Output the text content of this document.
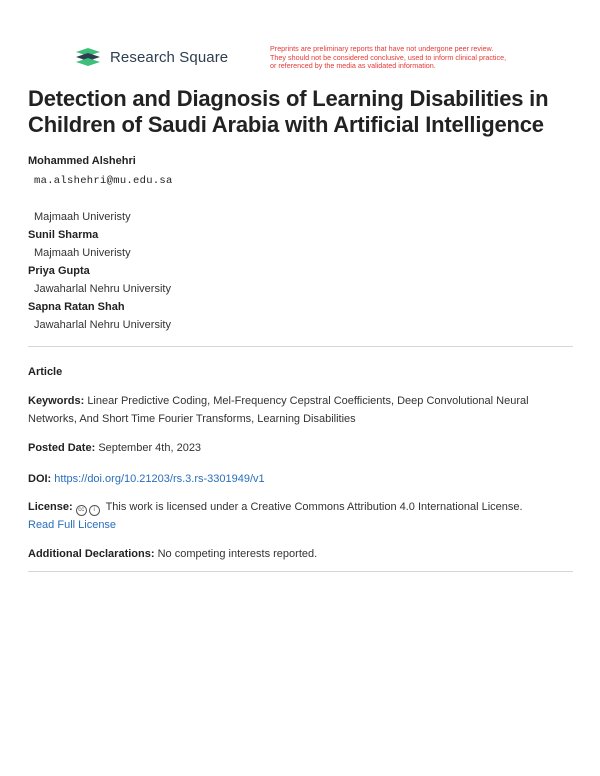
Research Square	Preprints are preliminary reports that have not undergone peer review.
They should not be considered conclusive, used to inform clinical practice,
or referenced by the media as validated information.
Detection and Diagnosis of Learning Disabilities in Children of Saudi Arabia with Artificial Intelligence
Mohammed Alshehri
ma.alshehri@mu.edu.sa
Majmaah Univeristy
Sunil Sharma
Majmaah Univeristy
Priya Gupta
Jawaharlal Nehru University
Sapna Ratan Shah
Jawaharlal Nehru University
Article
Keywords: Linear Predictive Coding, Mel-Frequency Cepstral Coefficients, Deep Convolutional Neural Networks, And Short Time Fourier Transforms, Learning Disabilities
Posted Date: September 4th, 2023
DOI: https://doi.org/10.21203/rs.3.rs-3301949/v1
License: cc	i This work is licensed under a Creative Commons Attribution 4.0 International License.
Read Full License
Additional Declarations: No competing interests reported.
